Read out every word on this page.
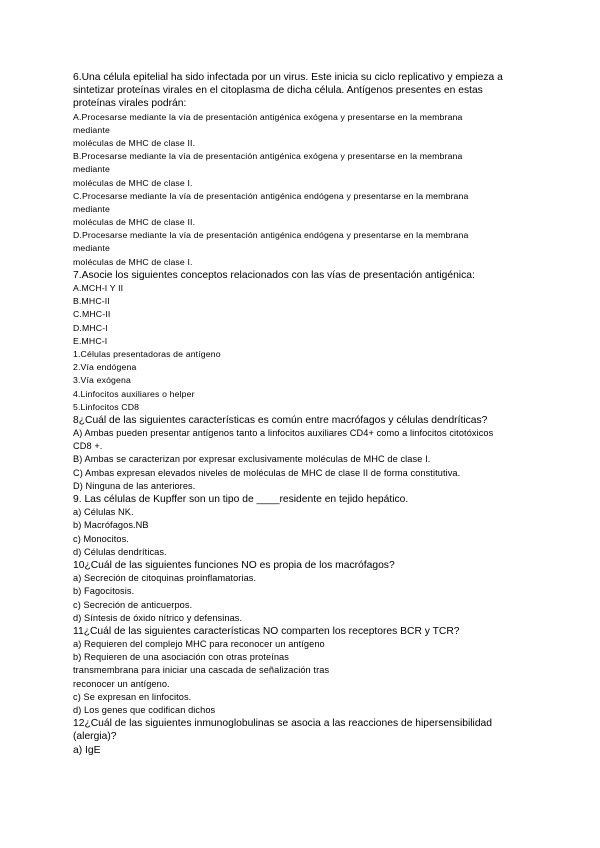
6.Una célula epitelial ha sido infectada por un virus. Este inicia su ciclo replicativo y empieza a
sintetizar proteínas virales en el citoplasma de dicha célula. Antígenos presentes en estas
proteínas virales podrán:
A.Procesarse mediante la vía de presentación antigénica exógena y presentarse en la membrana
mediante
moléculas de MHC de clase II.
B.Procesarse mediante la vía de presentación antigénica exógena y presentarse en la membrana
mediante
moléculas de MHC de clase I.
C.Procesarse mediante la vía de presentación antigénica endógena y presentarse en la membrana
mediante
moléculas de MHC de clase II.
D.Procesarse mediante la vía de presentación antigénica endógena y presentarse en la membrana
mediante
moléculas de MHC de clase I.
7.Asocie los siguientes conceptos relacionados con las vías de presentación antigénica:
A.MCH-I Y II
B.MHC-II
C.MHC-II
D.MHC-I
E.MHC-I
1.Células presentadoras de antígeno
2.Vía endógena
3.Vía exógena
4.Linfocitos auxiliares o helper
5.Linfocitos CD8
8¿Cuál de las siguientes características es común entre macrófagos y células dendríticas?
A) Ambas pueden presentar antígenos tanto a linfocitos auxiliares CD4+ como a linfocitos citotóxicos
CD8 +.
B) Ambas se caracterizan por expresar exclusivamente moléculas de MHC de clase I.
C) Ambas expresan elevados niveles de moléculas de MHC de clase II de forma constitutiva.
D) Ninguna de las anteriores.
9. Las células de Kupffer son un tipo de ____residente en tejido hepático.
a) Células NK.
b) Macrófagos.NB
c) Monocitos.
d) Células dendríticas.
10¿Cuál de las siguientes funciones NO es propia de los macrófagos?
a) Secreción de citoquinas proinflamatorias.
b) Fagocitosis.
c) Secreción de anticuerpos.
d) Síntesis de óxido nítrico y defensinas.
11¿Cuál de las siguientes características NO comparten los receptores BCR y TCR?
a) Requieren del complejo MHC para reconocer un antígeno
b) Requieren de una asociación con otras proteínas
transmembrana para iniciar una cascada de señalización tras
reconocer un antígeno.
c) Se expresan en linfocitos.
d) Los genes que codifican dichos
12¿Cuál de las siguientes inmunoglobulinas se asocia a las reacciones de hipersensibilidad
(alergia)?
a) IgE
